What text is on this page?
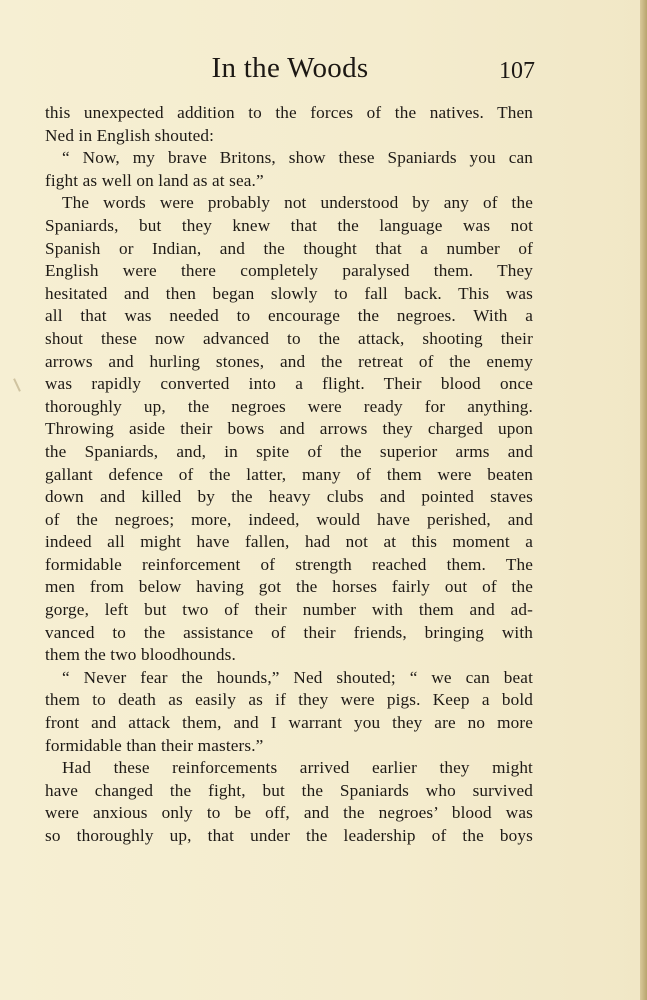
In the Woods	107
this unexpected addition to the forces of the natives. Then
Ned in English shouted:
“ Now, my brave Britons, show these Spaniards you can
fight as well on land as at sea.”
The words were probably not understood by any of the
Spaniards, but they knew that the language was not
Spanish or Indian, and the thought that a number of
English were there completely paralysed them. They
hesitated and then began slowly to fall back. This was
all that was needed to encourage the negroes. With a
shout these now advanced to the attack, shooting their
arrows and hurling stones, and the retreat of the enemy
was rapidly converted into a flight. Their blood once
thoroughly up, the negroes were ready for anything.
Throwing aside their bows and arrows they charged upon
the Spaniards, and, in spite of the superior arms and
gallant defence of the latter, many of them were beaten
down and killed by the heavy clubs and pointed staves
of the negroes; more, indeed, would have perished, and
indeed all might have fallen, had not at this moment a
formidable reinforcement of strength reached them. The
men from below having got the horses fairly out of the
gorge, left but two of their number with them and ad-
vanced to the assistance of their friends, bringing with
them the two bloodhounds.
“ Never fear the hounds,” Ned shouted; “ we can beat
them to death as easily as if they were pigs. Keep a bold
front and attack them, and I warrant you they are no more
formidable than their masters.”
Had these reinforcements arrived earlier they might
have changed the fight, but the Spaniards who survived
were anxious only to be off, and the negroes’ blood was
so thoroughly up, that under the leadership of the boys
